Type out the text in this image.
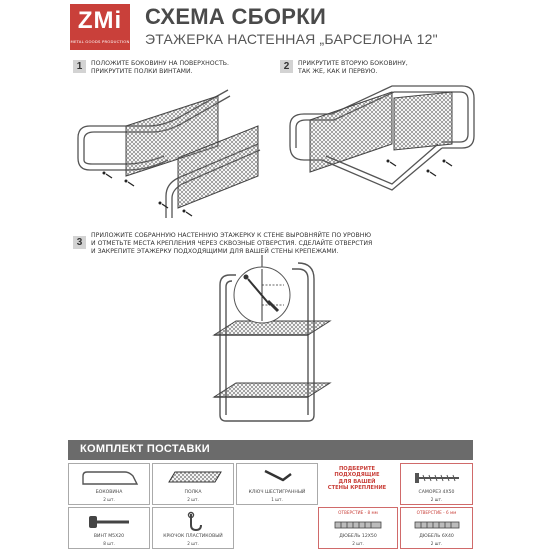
ZMi
METAL GOODS PRODUCTION
СХЕМА СБОРКИ
ЭТАЖЕРКА НАСТЕННАЯ „БАРСЕЛОНА 12"
1	ПОЛОЖИТЕ БОКОВИНУ НА ПОВЕРХНОСТЬ.
ПРИКРУТИТЕ ПОЛКИ ВИНТАМИ.	2	ПРИКРУТИТЕ ВТОРУЮ БОКОВИНУ,
ТАК ЖЕ, КАК И ПЕРВУЮ.
3
ПРИЛОЖИТЕ СОБРАННУЮ НАСТЕННУЮ ЭТАЖЕРКУ К СТЕНЕ ВЫРОВНЯЙТЕ ПО УРОВНЮ
И ОТМЕТЬТЕ МЕСТА КРЕПЛЕНИЯ ЧЕРЕЗ СКВОЗНЫЕ ОТВЕРСТИЯ. СДЕЛАЙТЕ ОТВЕРСТИЯ
И ЗАКРЕПИТЕ ЭТАЖЕРКУ ПОДХОДЯЩИМИ ДЛЯ ВАШЕЙ СТЕНЫ КРЕПЕЖАМИ.
КОМПЛЕКТ ПОСТАВКИ
БОКОВИНА
2 шт.
ПОЛКА
2 шт.
КЛЮЧ ШЕСТИГРАННЫЙ
1 шт.
ПОДБЕРИТЕ
ПОДХОДЯЩИЕ
ДЛЯ ВАШЕЙ
СТЕНЫ КРЕПЛЕНИЕ
САМОРЕЗ 4Х50
2 шт.
ВИНТ М5Х20
8 шт.
КРЮЧОК ПЛАСТИКОВЫЙ
2 шт.
ОТВЕРСТИЕ - 8 мм
ДЮБЕЛЬ 12Х50
2 шт.
ОТВЕРСТИЕ - 6 мм
ДЮБЕЛЬ 6Х40
2 шт.
